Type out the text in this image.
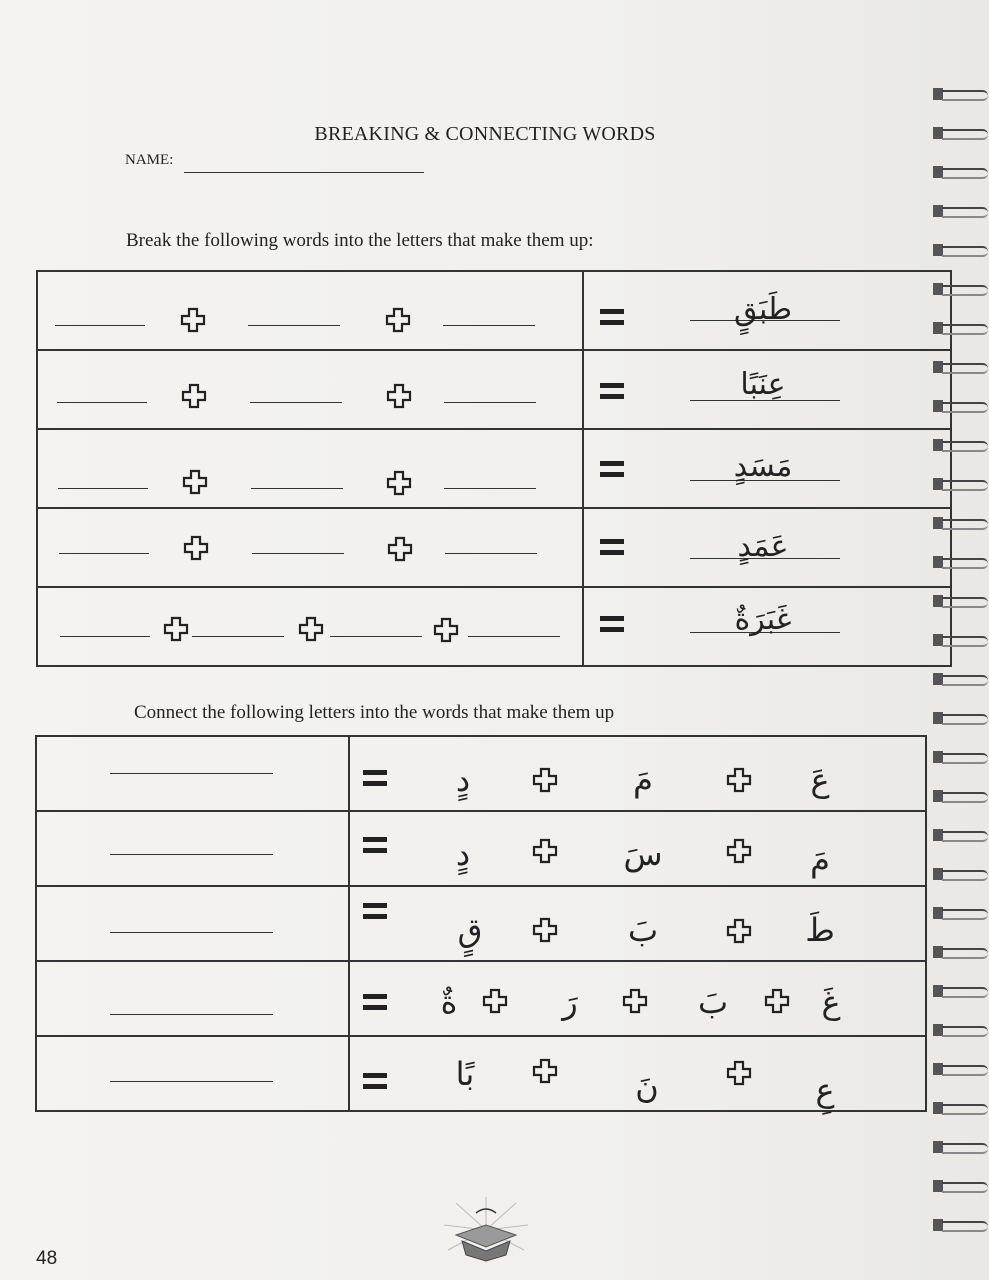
BREAKING & CONNECTING WORDS
NAME:
Break the following words into the letters that make them up:

طَبَقٍ
عِنَبًا
مَسَدٍ
عَمَدٍ
غَبَرَةٌ
Connect the following letters into the words that make them up

دٍ	مَ	عَ
دٍ	سَ	مَ
قٍ	بَ	طَ
ةٌ	رَ	بَ	غَ
بًا	نَ	عِ
48
